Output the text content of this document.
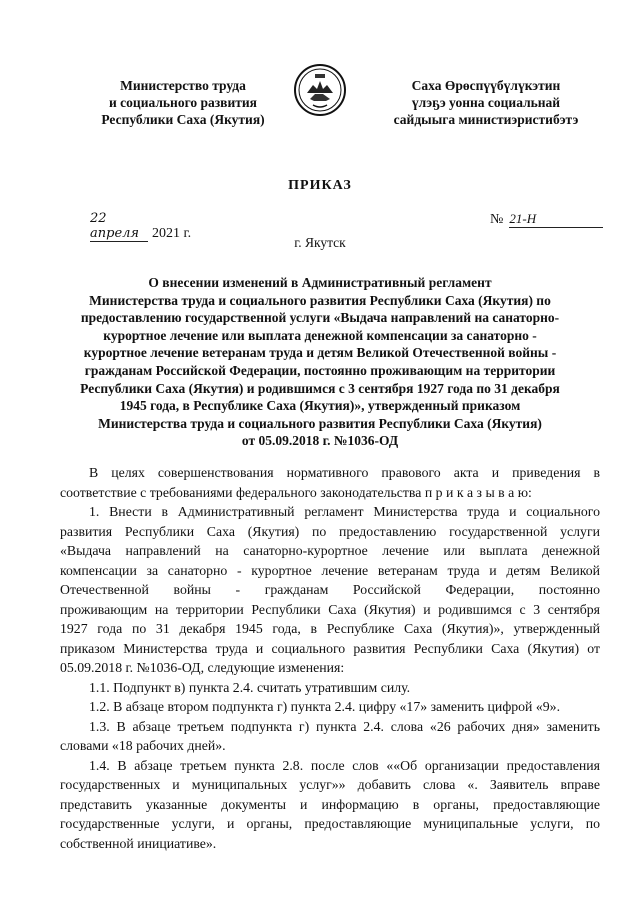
Министерство труда
и социального развития
Республики Саха (Якутия)
Саха Өрөспүүбүлүкэтин
үлэҕэ уонна социальнай
сайдыыга министиэристибэтэ
ПРИКАЗ
22 апреля 2021 г.
№ 21-Н
г. Якутск
О внесении изменений в Административный регламент
Министерства труда и социального развития Республики Саха (Якутия) по
предоставлению государственной услуги «Выдача направлений на санаторно-
курортное лечение или выплата денежной компенсации за санаторно -
курортное лечение ветеранам труда и детям Великой Отечественной войны -
гражданам Российской Федерации, постоянно проживающим на территории
Республики Саха (Якутия) и родившимся с 3 сентября 1927 года по 31 декабря
1945 года, в Республике Саха (Якутия)», утвержденный приказом
Министерства труда и социального развития Республики Саха (Якутия)
от 05.09.2018 г. №1036-ОД
В целях совершенствования нормативного правового акта и приведения в
соответствие с требованиями федерального законодательства п р и к а з ы в а ю:
1. Внести в Административный регламент Министерства труда и социального
развития Республики Саха (Якутия) по предоставлению государственной услуги
«Выдача направлений на санаторно-курортное лечение или выплата денежной
компенсации за санаторно - курортное лечение ветеранам труда и детям Великой
Отечественной войны - гражданам Российской Федерации, постоянно
проживающим на территории Республики Саха (Якутия) и родившимся с 3 сентября
1927 года по 31 декабря 1945 года, в Республике Саха (Якутия)», утвержденный
приказом Министерства труда и социального развития Республики Саха (Якутия) от
05.09.2018 г. №1036-ОД, следующие изменения:
1.1. Подпункт в) пункта 2.4. считать утратившим силу.
1.2. В абзаце втором подпункта г) пункта 2.4. цифру «17» заменить цифрой «9».
1.3. В абзаце третьем подпункта г) пункта 2.4. слова «26 рабочих дня» заменить
словами «18 рабочих дней».
1.4. В абзаце третьем пункта 2.8. после слов ««Об организации предоставления
государственных и муниципальных услуг»» добавить слова «. Заявитель вправе
представить указанные документы и информацию в органы, предоставляющие
государственные услуги, и органы, предоставляющие муниципальные услуги, по
собственной инициативе».
